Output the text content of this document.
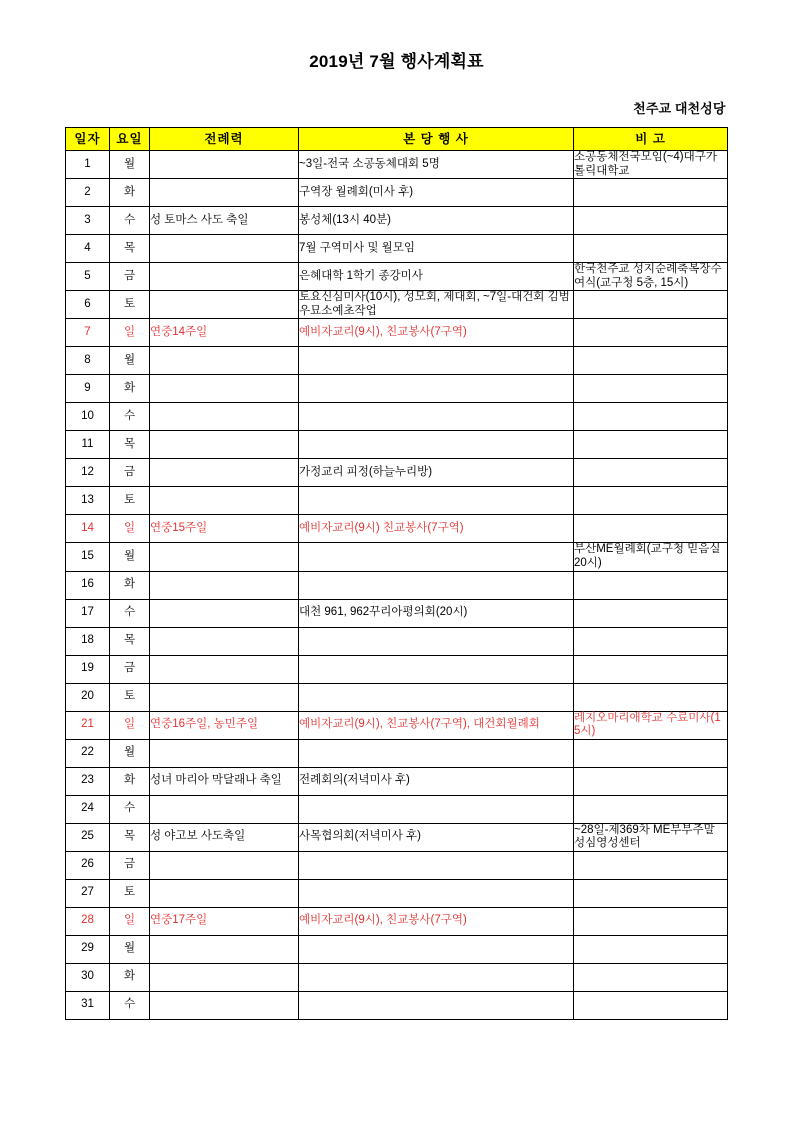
2019년 7월 행사계획표
천주교 대천성당
일자	요일	전례력	본 당 행 사	비 고
1	월		~3일-전국 소공동체대회 5명	소공동체전국모임(~4)대구가톨릭대학교
2	화		구역장 월례회(미사 후)	
3	수	성 토마스 사도 축일	봉성체(13시 40분)	
4	목		7월 구역미사 및 월모임	
5	금		은혜대학 1학기 종강미사	한국천주교 성지순례축복장수여식(교구청 5층, 15시)
6	토		토요신심미사(10시), 성모회, 제대회, ~7일-대건회 김범우묘소예초작업	
7	일	연중14주일	예비자교리(9시), 친교봉사(7구역)	
8	월			
9	화			
10	수			
11	목			
12	금		가정교리 피정(하늘누리방)	
13	토			
14	일	연중15주일	예비자교리(9시) 친교봉사(7구역)	
15	월			부산ME월례회(교구청 믿음실 20시)
16	화			
17	수		대천 961, 962꾸리아평의회(20시)	
18	목			
19	금			
20	토			
21	일	연중16주일, 농민주일	예비자교리(9시), 친교봉사(7구역), 대건회월례회	레지오마리애학교 수료미사(15시)
22	월			
23	화	성녀 마리아 막달래나 축일	전례회의(저녁미사 후)	
24	수			
25	목	성 야고보 사도축일	사목협의회(저녁미사 후)	~28일-제369차 ME부부주말 성심영성센터
26	금			
27	토			
28	일	연중17주일	예비자교리(9시), 친교봉사(7구역)	
29	월			
30	화			
31	수			
